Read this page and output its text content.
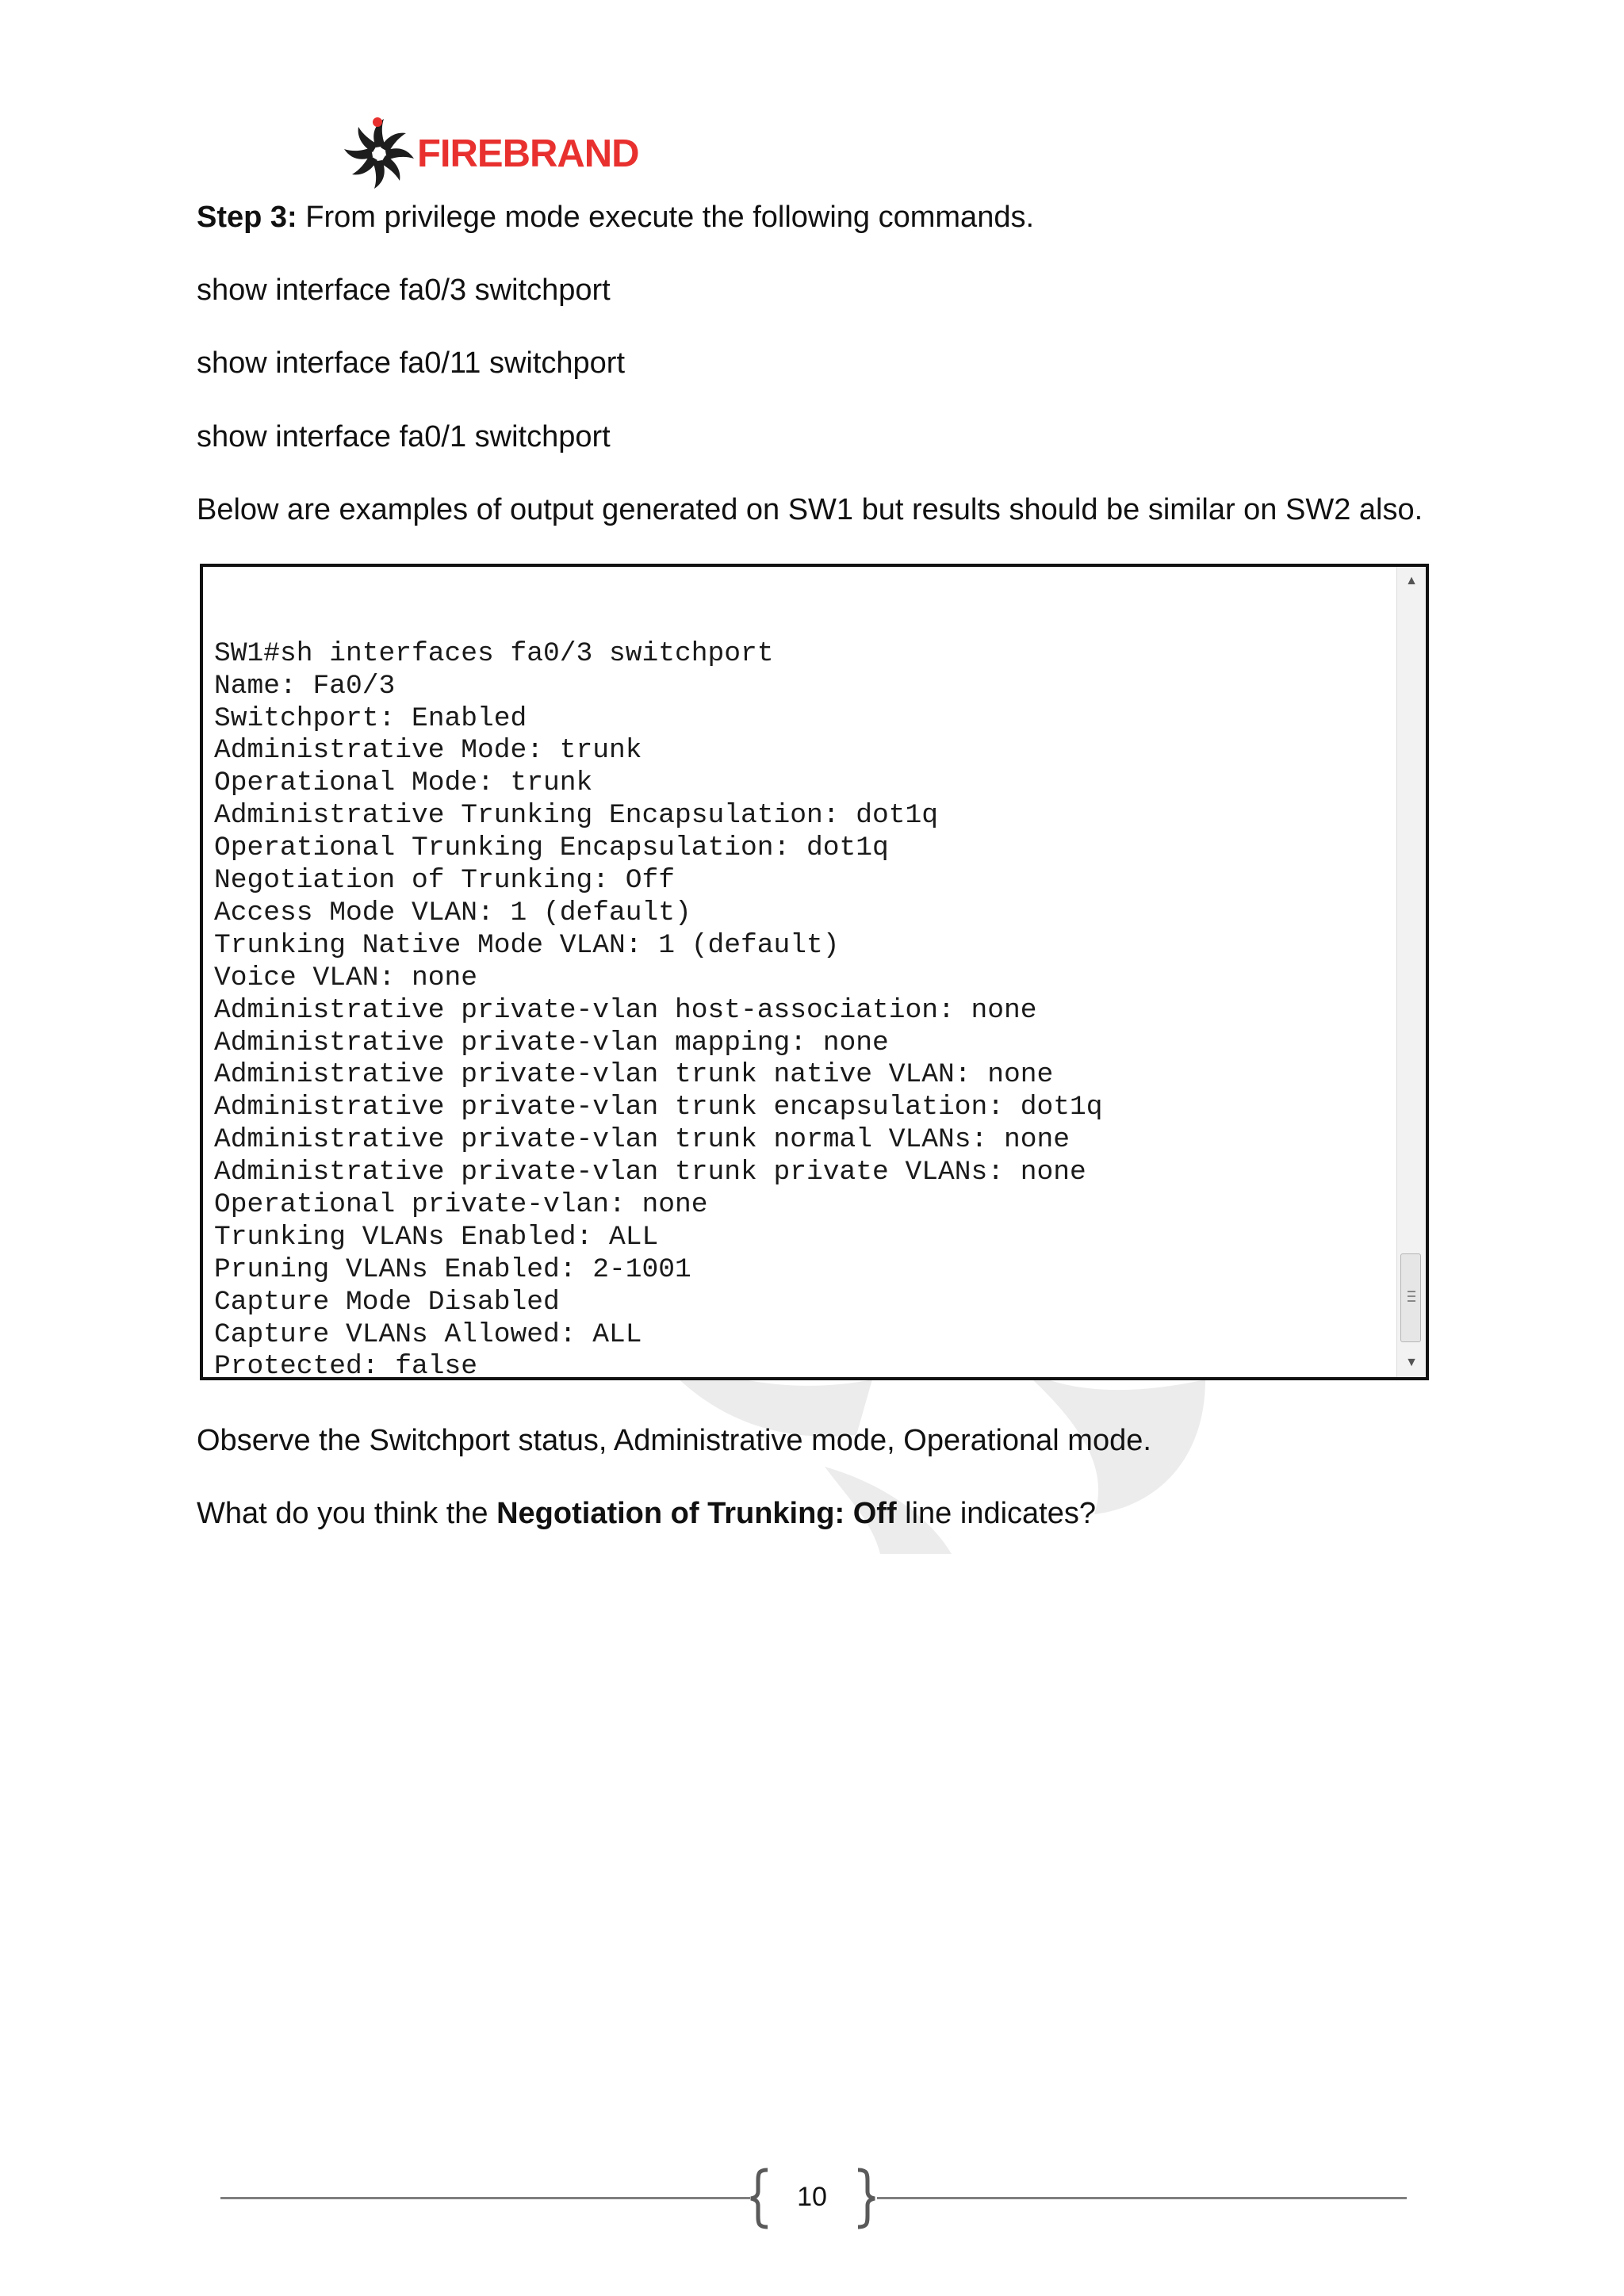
FIREBRAND
Step 3: From privilege mode execute the following commands.
show interface fa0/3 switchport
show interface fa0/11 switchport
show interface fa0/1 switchport
Below are examples of output generated on SW1 but results should be similar on SW2 also.

SW1#sh interfaces fa0/3 switchport
Name: Fa0/3
Switchport: Enabled
Administrative Mode: trunk
Operational Mode: trunk
Administrative Trunking Encapsulation: dot1q
Operational Trunking Encapsulation: dot1q
Negotiation of Trunking: Off
Access Mode VLAN: 1 (default)
Trunking Native Mode VLAN: 1 (default)
Voice VLAN: none
Administrative private-vlan host-association: none
Administrative private-vlan mapping: none
Administrative private-vlan trunk native VLAN: none
Administrative private-vlan trunk encapsulation: dot1q
Administrative private-vlan trunk normal VLANs: none
Administrative private-vlan trunk private VLANs: none
Operational private-vlan: none
Trunking VLANs Enabled: ALL
Pruning VLANs Enabled: 2-1001
Capture Mode Disabled
Capture VLANs Allowed: ALL
Protected: false

▲
▼
Observe the Switchport status, Administrative mode, Operational mode.
What do you think the Negotiation of Trunking: Off line indicates?
10
